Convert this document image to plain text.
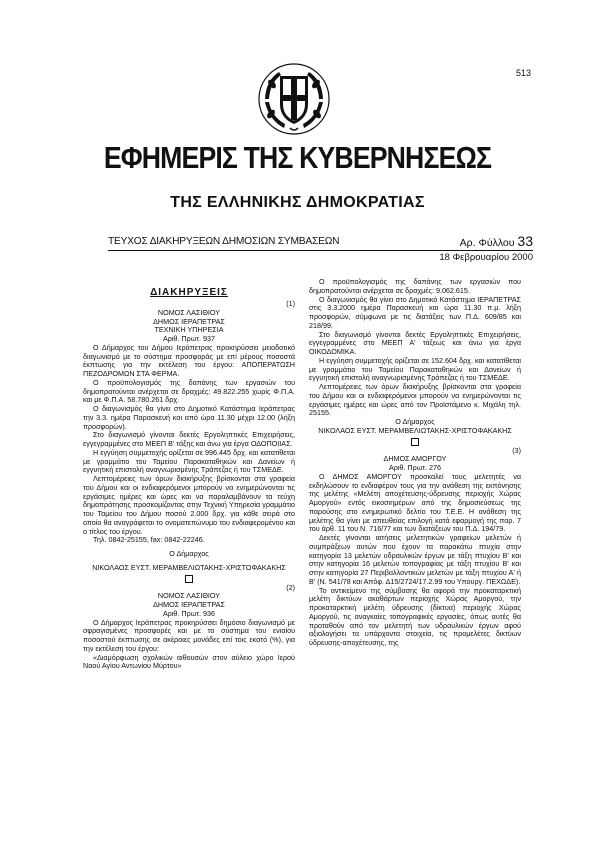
513
ΕΦΗΜΕΡΙΣ ΤΗΣ ΚΥΒΕΡΝΗΣΕΩΣ
ΤΗΣ ΕΛΛΗΝΙΚΗΣ ΔΗΜΟΚΡΑΤΙΑΣ
ΤΕΥΧΟΣ ΔΙΑΚΗΡΥΞΕΩΝ ΔΗΜΟΣΙΩΝ ΣΥΜΒΑΣΕΩΝ	Αρ. Φύλλου 33
18 Φεβρουαρίου 2000
ΔΙΑΚΗΡΥΞΕΙΣ

(1)

ΝΟΜΟΣ ΛΑΣΙΘΙΟΥ

ΔΗΜΟΣ ΙΕΡΑΠΕΤΡΑΣ

ΤΕΧΝΙΚΗ ΥΠΗΡΕΣΙΑ

Αριθ. Πρωτ. 937

Ο Δήμαρχος του Δήμου Ιεράπετρας προκηρύσσει μειοδοτικό διαγωνισμό με το σύστημα προσφοράς με επί μέρους ποσοστά έκπτωσης για την εκτέλεση του έργου: ΑΠΟΠΕΡΑΤΩΣΗ ΠΕΖΟΔΡΟΜΩΝ ΣΤΑ ΦΕΡΜΑ.

Ο προϋπολογισμός της δαπάνης των εργασιών του δημοπρατούνται ανέρχεται σε δραχμές: 49.822.255 χωρίς Φ.Π.Α. και με Φ.Π.Α. 58.780.261 δρχ.

Ο διαγωνισμός θα γίνει στο Δημοτικό Κατάστημα Ιεράπετρας την 3.3. ημέρα Παρασκευή και από ώρα 11.30 μέχρι 12.00 (λήξη προσφορών).

Στο διαγωνισμό γίνονται δεκτές Εργοληπτικές Επιχειρήσεις, εγγεγραμμένες στο ΜΕΕΠ Β' τάξης και άνω για έργα ΟΔΟΠΟΙΙΑΣ.

Η εγγύηση συμμετοχής ορίζεται σε 996.445 δρχ. και κατατίθεται με γραμμάτιο του Ταμείου Παρακαταθηκών και Δανείων ή εγγυητική επιστολή αναγνωρισμένης Τράπεζας ή του ΤΣΜΕΔΕ.

Λεπτομέρειες των όρων διακήρυξης βρίσκονται στα γραφεία του Δήμου και οι ενδιαφερόμενοι μπορούν να ενημερώνονται τις εργάσιμες ημέρες και ώρες και να παραλαμβάνουν τα τεύχη δημοπράτησης προσκομίζοντας στην Τεχνική Υπηρεσία γραμμάτιο του Ταμείου του Δήμου ποσού 2.000 δρχ. για κάθε σειρά στο οποίο θα αναγράφεται το ονοματεπώνυμο του ενδιαφερομένου και ο τίτλος του έργου.

Τηλ. 0842-25155, fax: 0842-22246.

Ο Δήμαρχος

ΝΙΚΟΛΑΟΣ ΕΥΣΤ. ΜΕΡΑΜΒΕΛΙΩΤΑΚΗΣ-ΧΡΙΣΤΟΦΑΚΑΚΗΣ

(2)

ΝΟΜΟΣ ΛΑΣΙΘΙΟΥ

ΔΗΜΟΣ ΙΕΡΑΠΕΤΡΑΣ

Αριθ. Πρωτ. 936

Ο Δήμαρχος Ιεράπετρας προκηρύσσει δημόσιο διαγωνισμό με σφραγισμένες προσφορές και με το σύστημα του ενιαίου ποσοστού έκπτωσης σε ακέραιες μονάδες επί τοις εκατό (%), για την εκτέλεση του έργου:

«Διαμόρφωση σχολικών αιθουσών στον αύλειο χώρο Ιερού Ναού Αγίου Αντωνίου Μύρτου»

Ο προϋπολογισμός της δαπάνης των εργασιών που δημοπρατούνται ανέρχεται σε δραχμές: 9.062.615.

Ο διαγωνισμός θα γίνει στο Δημοτικό Κατάστημα ΙΕΡΑΠΕΤΡΑΣ στις 3.3.2000 ημέρα Παρασκευή και ώρα 11.30 π.μ. λήξη προσφορών, σύμφωνα με τις διατάξεις των Π.Δ. 609/85 και 218/99.

Στο διαγωνισμό γίνονται δεκτές Εργοληπτικές Επιχειρήσεις, εγγεγραμμένες στο ΜΕΕΠ Α' τάξεως και άνω για έργα ΟΙΚΟΔΟΜΙΚΑ.

Η εγγύηση συμμετοχής ορίζεται σε 152.604 δρχ. και κατατίθεται με γραμμάτιο του Ταμείου Παρακαταθηκών και Δανείων ή εγγυητική επιστολή αναγνωρισμένης Τράπεζας ή του ΤΣΜΕΔΕ.

Λεπτομέρειες των όρων διακήρυξης βρίσκονται στα γραφεία του Δήμου και οι ενδιαφερόμενοι μπορούν να ενημερώνονται τις εργάσιμες ημέρες και ώρες από τον Προϊστάμενο κ. Μιχάλη τηλ. 25155.

Ο Δήμαρχος

ΝΙΚΟΛΑΟΣ ΕΥΣΤ. ΜΕΡΑΜΒΕΛΙΩΤΑΚΗΣ-ΧΡΙΣΤΟΦΑΚΑΚΗΣ

(3)

ΔΗΜΟΣ ΑΜΟΡΓΟΥ

Αριθ. Πρωτ. 276

Ο ΔΗΜΟΣ ΑΜΟΡΓΟΥ προσκαλεί τους μελετητές να εκδηλώσουν το ενδιαφέρον τους για την ανάθεση της εκπόνησης της μελέτης «Μελέτη αποχέτευσης-ύδρευσης περιοχής Χώρας Αμοργού» εντός εικοσιημέρων από της δημοσιεύσεως της παρούσης στο ενημερωτικό δελτίο του Τ.Ε.Ε. Η ανάθεση της μελέτης θα γίνει με απευθείας επιλογή κατά εφαρμογή της παρ. 7 του άρθ. 11 του Ν. 716/77 και των διατάξεων του Π.Δ. 194/79.

Δεκτές γίνονται αιτήσεις μελετητικών γραφείων μελετών ή συμπράξεων αυτών που έχουν τα παρακάτω πτυχία στην κατηγορία 13 μελετών υδραυλικών έργων με τάξη πτυχίου Β' και στην κατηγορία 16 μελετών τοπογραφίας με τάξη πτυχίου Β' και στην κατηγορία 27 Περιβαλλοντικών μελετών με τάξη πτυχίου Α' ή Β' (Ν. 541/78 και Απόφ. Δ15/2724/17.2.99 του Υπουργ. ΠΕΧΩΔΕ).

Το αντικείμενο της σύμβασης θα αφορά την προκαταρκτική μελέτη δικτύων ακαθάρτων περιοχής Χώρας Αμοργού, την προκαταρκτική μελέτη ύδρευσης (δίκτυα) περιοχής Χώρας Αμοργού, τις αναγκαίες τοπογραφικές εργασίες, όπως αυτές θα προταθούν από τον μελετητή των υδραυλικών έργων αφού αξιολογήσει τα υπάρχοντα στοιχεία, τις προμελέτες δικτύων ύδρευσης-αποχέτευσης, της
